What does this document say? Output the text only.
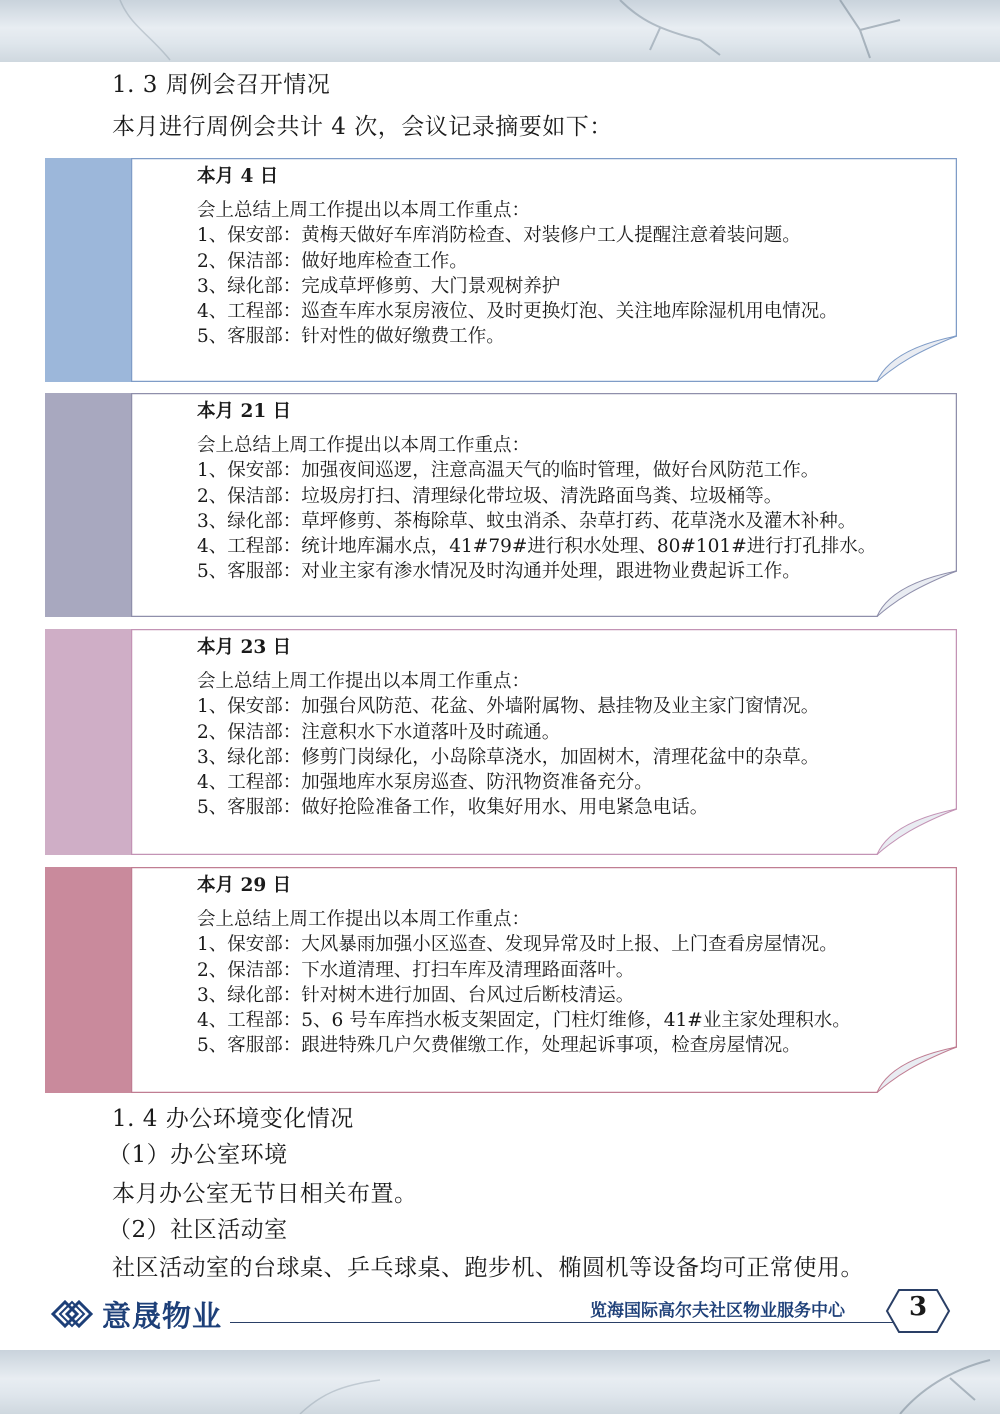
1. 3 周例会召开情况
本月进行周例会共计 4 次，会议记录摘要如下：
本月 4 日
会上总结上周工作提出以本周工作重点：
1、保安部：黄梅天做好车库消防检查、对装修户工人提醒注意着装问题。
2、保洁部：做好地库检查工作。
3、绿化部：完成草坪修剪、大门景观树养护
4、工程部：巡查车库水泵房液位、及时更换灯泡、关注地库除湿机用电情况。
5、客服部：针对性的做好缴费工作。
本月 21 日
会上总结上周工作提出以本周工作重点：
1、保安部：加强夜间巡逻，注意高温天气的临时管理，做好台风防范工作。
2、保洁部：垃圾房打扫、清理绿化带垃圾、清洗路面鸟粪、垃圾桶等。
3、绿化部：草坪修剪、茶梅除草、蚊虫消杀、杂草打药、花草浇水及灌木补种。
4、工程部：统计地库漏水点，41#79#进行积水处理、80#101#进行打孔排水。
5、客服部：对业主家有渗水情况及时沟通并处理，跟进物业费起诉工作。
本月 23 日
会上总结上周工作提出以本周工作重点：
1、保安部：加强台风防范、花盆、外墙附属物、悬挂物及业主家门窗情况。
2、保洁部：注意积水下水道落叶及时疏通。
3、绿化部：修剪门岗绿化，小岛除草浇水，加固树木，清理花盆中的杂草。
4、工程部：加强地库水泵房巡查、防汛物资准备充分。
5、客服部：做好抢险准备工作，收集好用水、用电紧急电话。
本月 29 日
会上总结上周工作提出以本周工作重点：
1、保安部：大风暴雨加强小区巡查、发现异常及时上报、上门查看房屋情况。
2、保洁部：下水道清理、打扫车库及清理路面落叶。
3、绿化部：针对树木进行加固、台风过后断枝清运。
4、工程部：5、6 号车库挡水板支架固定，门柱灯维修，41#业主家处理积水。
5、客服部：跟进特殊几户欠费催缴工作，处理起诉事项，检查房屋情况。
1. 4 办公环境变化情况
（1）办公室环境
本月办公室无节日相关布置。
（2）社区活动室
社区活动室的台球桌、乒乓球桌、跑步机、椭圆机等设备均可正常使用。
意晟物业	览海国际高尔夫社区物业服务中心	3
